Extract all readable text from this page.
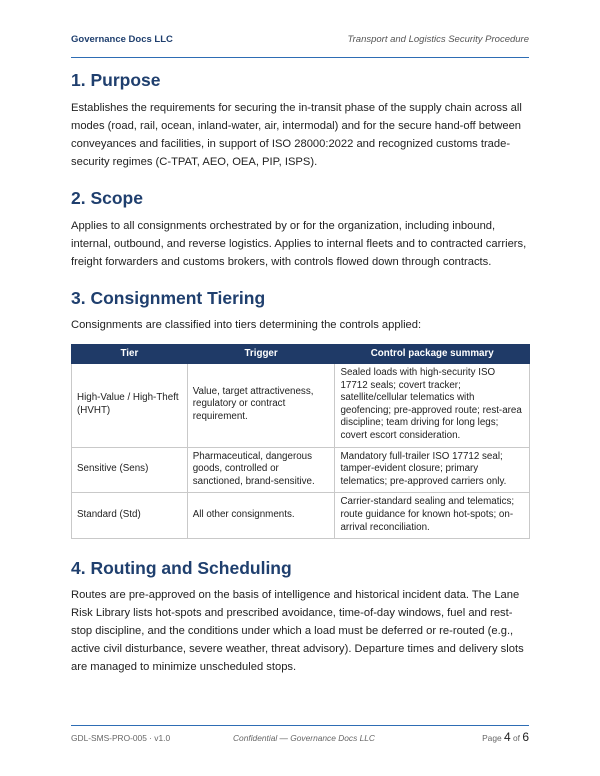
Governance Docs LLC	Transport and Logistics Security Procedure
1. Purpose

Establishes the requirements for securing the in-transit phase of the supply chain across all modes (road, rail, ocean, inland-water, air, intermodal) and for the secure hand-off between conveyances and facilities, in support of ISO 28000:2022 and recognized customs trade-security regimes (C-TPAT, AEO, OEA, PIP, ISPS).

2. Scope

Applies to all consignments orchestrated by or for the organization, including inbound, internal, outbound, and reverse logistics. Applies to internal fleets and to contracted carriers, freight forwarders and customs brokers, with controls flowed down through contracts.

3. Consignment Tiering

Consignments are classified into tiers determining the controls applied:

Tier	Trigger	Control package summary
High-Value / High-Theft (HVHT)	Value, target attractiveness, regulatory or contract requirement.	Sealed loads with high-security ISO 17712 seals; covert tracker; satellite/cellular telematics with geofencing; pre-approved route; rest-area discipline; team driving for long legs; covert escort consideration.
Sensitive (Sens)	Pharmaceutical, dangerous goods, controlled or sanctioned, brand-sensitive.	Mandatory full-trailer ISO 17712 seal; tamper-evident closure; primary telematics; pre-approved carriers only.
Standard (Std)	All other consignments.	Carrier-standard sealing and telematics; route guidance for known hot-spots; on-arrival reconciliation.
4. Routing and Scheduling

Routes are pre-approved on the basis of intelligence and historical incident data. The Lane Risk Library lists hot-spots and prescribed avoidance, time-of-day windows, fuel and rest-stop discipline, and the conditions under which a load must be deferred or re-routed (e.g., active civil disturbance, severe weather, threat advisory). Departure times and delivery slots are managed to minimize unscheduled stops.

GDL-SMS-PRO-005 · v1.0	Confidential — Governance Docs LLC	Page 4 of 6
